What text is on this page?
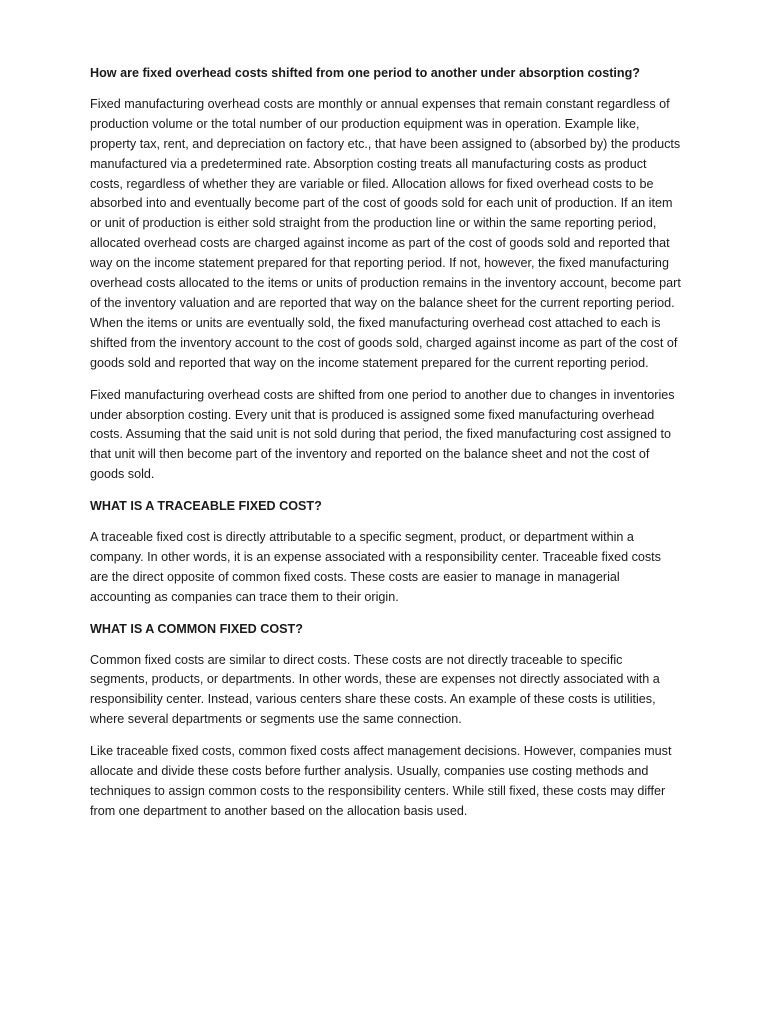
How are fixed overhead costs shifted from one period to another under absorption costing?

Fixed manufacturing overhead costs are monthly or annual expenses that remain constant regardless of production volume or the total number of our production equipment was in operation. Example like, property tax, rent, and depreciation on factory etc., that have been assigned to (absorbed by) the products manufactured via a predetermined rate. Absorption costing treats all manufacturing costs as product costs, regardless of whether they are variable or filed. Allocation allows for fixed overhead costs to be absorbed into and eventually become part of the cost of goods sold for each unit of production. If an item or unit of production is either sold straight from the production line or within the same reporting period, allocated overhead costs are charged against income as part of the cost of goods sold and reported that way on the income statement prepared for that reporting period. If not, however, the fixed manufacturing overhead costs allocated to the items or units of production remains in the inventory account, become part of the inventory valuation and are reported that way on the balance sheet for the current reporting period. When the items or units are eventually sold, the fixed manufacturing overhead cost attached to each is shifted from the inventory account to the cost of goods sold, charged against income as part of the cost of goods sold and reported that way on the income statement prepared for the current reporting period.

Fixed manufacturing overhead costs are shifted from one period to another due to changes in inventories under absorption costing. Every unit that is produced is assigned some fixed manufacturing overhead costs. Assuming that the said unit is not sold during that period, the fixed manufacturing cost assigned to that unit will then become part of the inventory and reported on the balance sheet and not the cost of goods sold.

WHAT IS A TRACEABLE FIXED COST?

A traceable fixed cost is directly attributable to a specific segment, product, or department within a company. In other words, it is an expense associated with a responsibility center. Traceable fixed costs are the direct opposite of common fixed costs. These costs are easier to manage in managerial accounting as companies can trace them to their origin.

WHAT IS A COMMON FIXED COST?

Common fixed costs are similar to direct costs. These costs are not directly traceable to specific segments, products, or departments. In other words, these are expenses not directly associated with a responsibility center. Instead, various centers share these costs. An example of these costs is utilities, where several departments or segments use the same connection.

Like traceable fixed costs, common fixed costs affect management decisions. However, companies must allocate and divide these costs before further analysis. Usually, companies use costing methods and techniques to assign common costs to the responsibility centers. While still fixed, these costs may differ from one department to another based on the allocation basis used.
